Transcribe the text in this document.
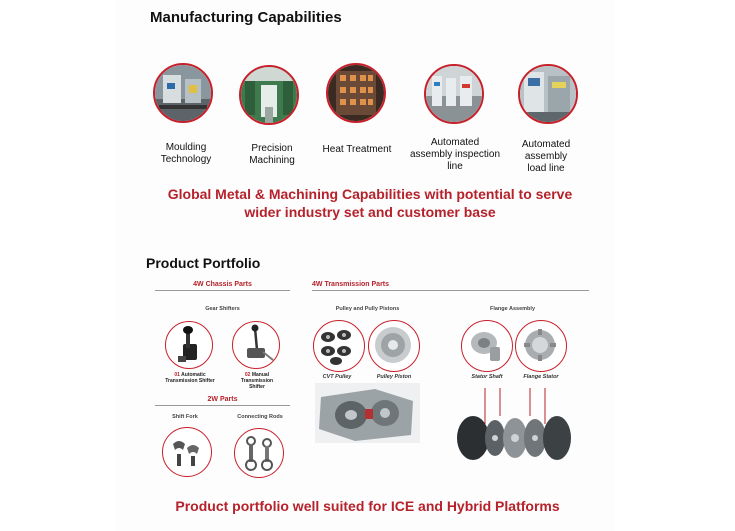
Manufacturing Capabilities
Moulding
Technology
Precision
Machining
Heat Treatment
Automated
assembly inspection
line
Automated
assembly
load line
Global Metal & Machining Capabilities with potential to serve wider industry set and customer base
Product Portfolio
4W Chassis Parts
Gear Shifters
01 Automatic Transmission Shifter
02 Manual Transmission Shifter
2W Parts
Shift Fork	Connecting Rods
4W Transmission Parts
Pulley and Pully Pistons	Flange Assembly
CVT Pulley	Pulley Piston	Stator Shaft	Flange Stator
Product portfolio well suited for ICE and Hybrid Platforms
